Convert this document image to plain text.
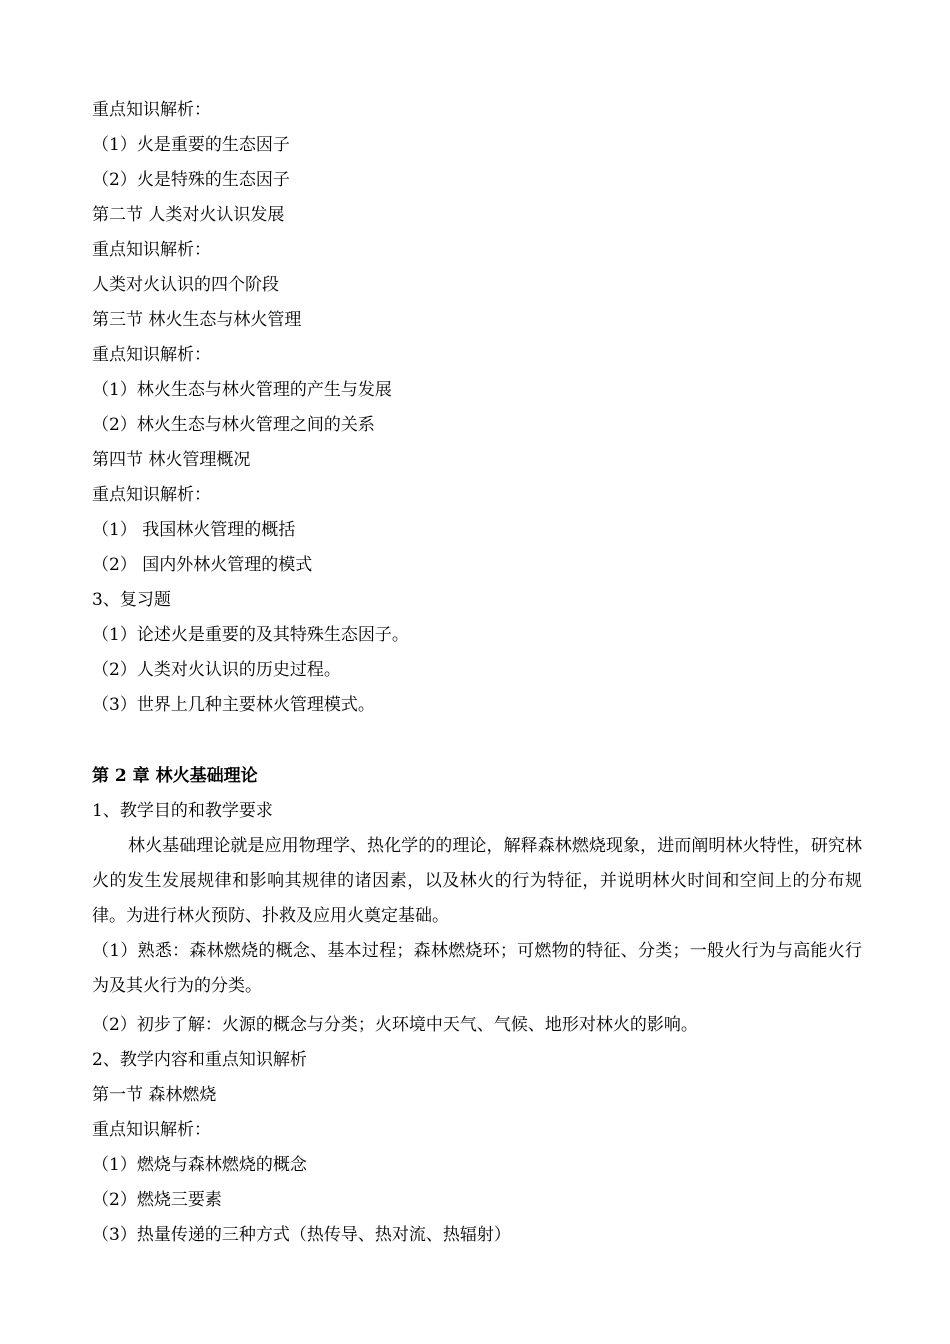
重点知识解析：
（1）火是重要的生态因子
（2）火是特殊的生态因子
第二节 人类对火认识发展
重点知识解析：
人类对火认识的四个阶段
第三节 林火生态与林火管理
重点知识解析：
（1）林火生态与林火管理的产生与发展
（2）林火生态与林火管理之间的关系
第四节 林火管理概况
重点知识解析：
（1） 我国林火管理的概括
（2） 国内外林火管理的模式
3、复习题
（1）论述火是重要的及其特殊生态因子。
（2）人类对火认识的历史过程。
（3）世界上几种主要林火管理模式。
第 2 章 林火基础理论
1、教学目的和教学要求
林火基础理论就是应用物理学、热化学的的理论，解释森林燃烧现象，进而阐明林火特性，研究林火的发生发展规律和影响其规律的诸因素，以及林火的行为特征，并说明林火时间和空间上的分布规律。为进行林火预防、扑救及应用火奠定基础。
（1）熟悉：森林燃烧的概念、基本过程；森林燃烧环；可燃物的特征、分类；一般火行为与高能火行为及其火行为的分类。
（2）初步了解：火源的概念与分类；火环境中天气、气候、地形对林火的影响。
2、教学内容和重点知识解析
第一节 森林燃烧
重点知识解析：
（1）燃烧与森林燃烧的概念
（2）燃烧三要素
（3）热量传递的三种方式（热传导、热对流、热辐射）
